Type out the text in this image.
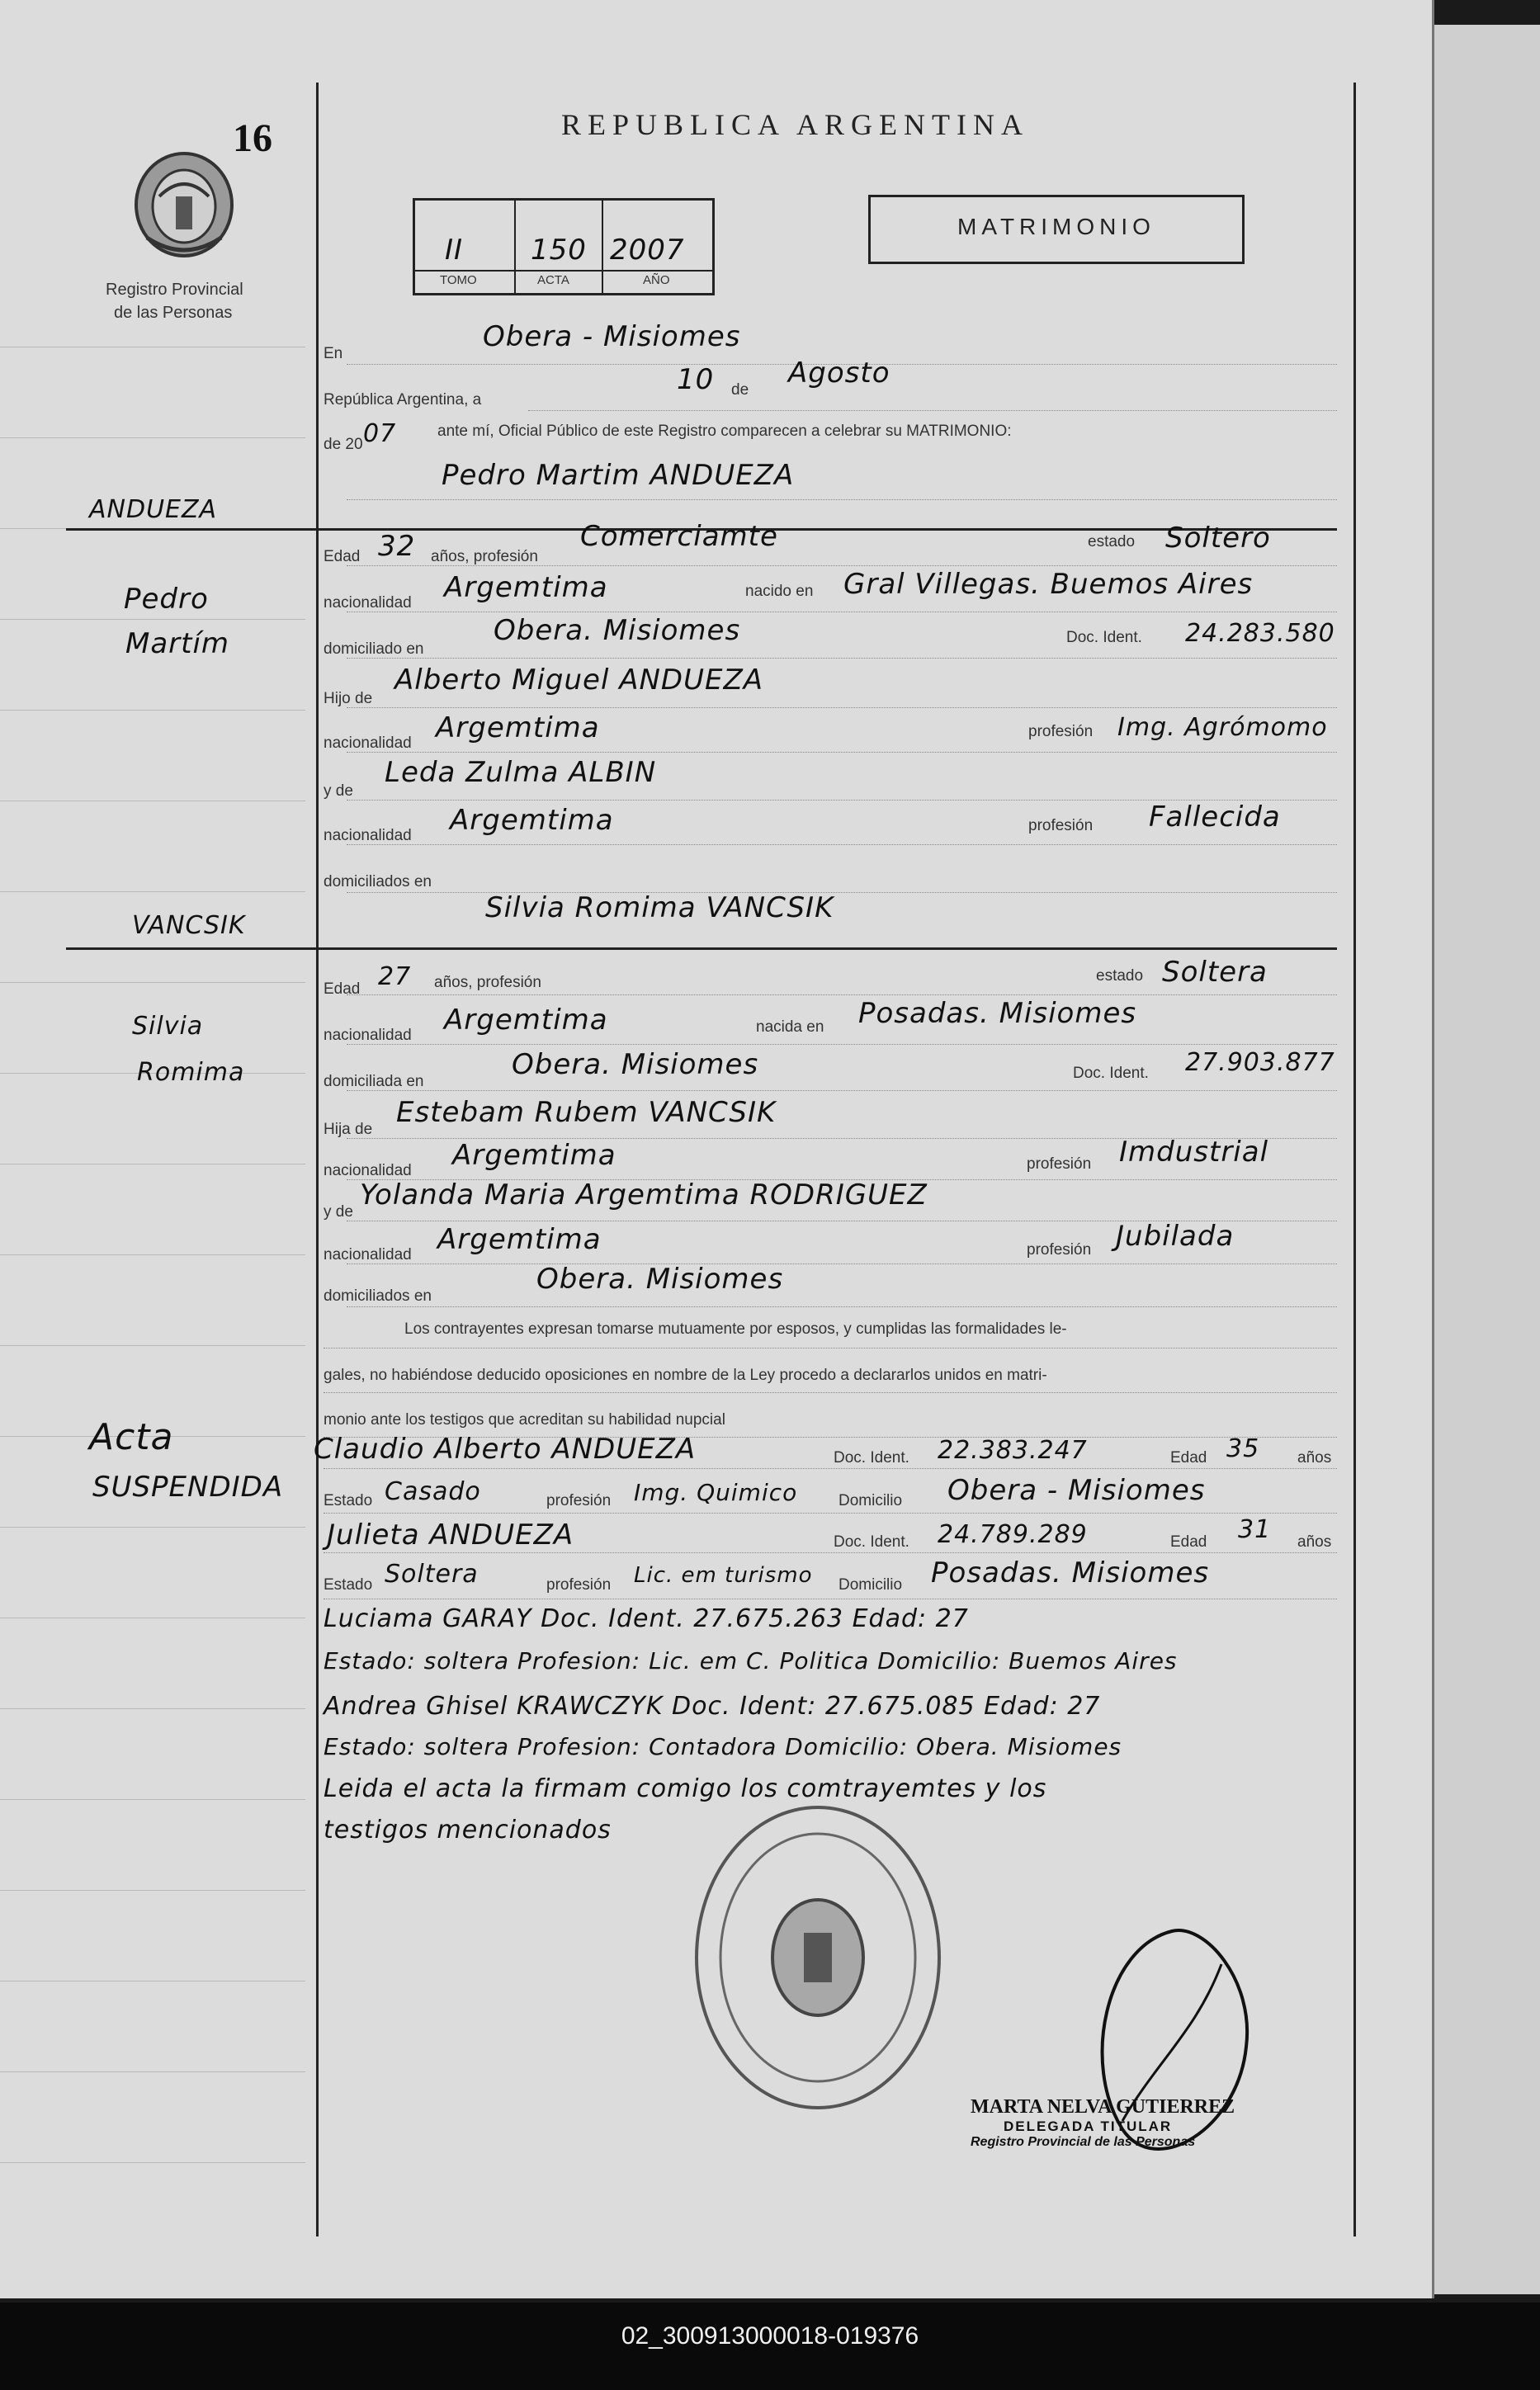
16
Registro Provincial
de las Personas
REPUBLICA ARGENTINA
II 150 2007
TOMO	ACTA	AÑO
MATRIMONIO
En
Obera - Misiomes
República Argentina, a
10 de
Agosto
de 20 07	ante mí, Oficial Público de este Registro comparecen a celebrar su MATRIMONIO:
Pedro Martim ANDUEZA
ANDUEZA
Pedro
Martím
Edad 32 años, profesión
Comerciamte	estado Soltero
nacionalidad Argemtima	nacido en Gral Villegas. Buemos Aires
domiciliado en
Obera. Misiomes	Doc. Ident. 24.283.580
Hijo de
Alberto Miguel ANDUEZA
nacionalidad Argemtima	profesión Img. Agrómomo
y de
Leda Zulma ALBIN
nacionalidad Argemtima	profesión Fallecida
domiciliados en
Silvia Romima VANCSIK
VANCSIK
Silvia
Romima
Edad 27 años, profesión	estado Soltera
nacionalidad Argemtima	nacida en Posadas. Misiomes
domiciliada en
Obera. Misiomes	Doc. Ident. 27.903.877
Hija de
Estebam Rubem VANCSIK
nacionalidad Argemtima	profesión Imdustrial
y de
Yolanda Maria Argemtima RODRIGUEZ
nacionalidad Argemtima	profesión Jubilada
domiciliados en
Obera. Misiomes
Los contrayentes expresan tomarse mutuamente por esposos, y cumplidas las formalidades le-
gales, no habiéndose deducido oposiciones en nombre de la Ley procedo a declararlos unidos en matri-
monio ante los testigos que acreditan su habilidad nupcial
Acta
SUSPENDIDA
Claudio Alberto ANDUEZA	Doc. Ident. 22.383.247	Edad 35 años
Estado Casado	profesión Img. Quimico	Domicilio Obera - Misiomes
Julieta ANDUEZA	Doc. Ident. 24.789.289	Edad 31 años
Estado Soltera	profesión Lic. em turismo Domicilio Posadas. Misiomes
Luciama GARAY Doc. Ident. 27.675.263 Edad: 27
Estado: soltera Profesion: Lic. em C. Politica Domicilio: Buemos Aires
Andrea Ghisel KRAWCZYK Doc. Ident: 27.675.085 Edad: 27
Estado: soltera Profesion: Contadora Domicilio: Obera. Misiomes
Leida el acta la firmam comigo los comtrayemtes y los
testigos mencionados
MARTA NELVA GUTIERREZ
DELEGADA TITULAR
Registro Provincial de las Personas
02_300913000018-019376
